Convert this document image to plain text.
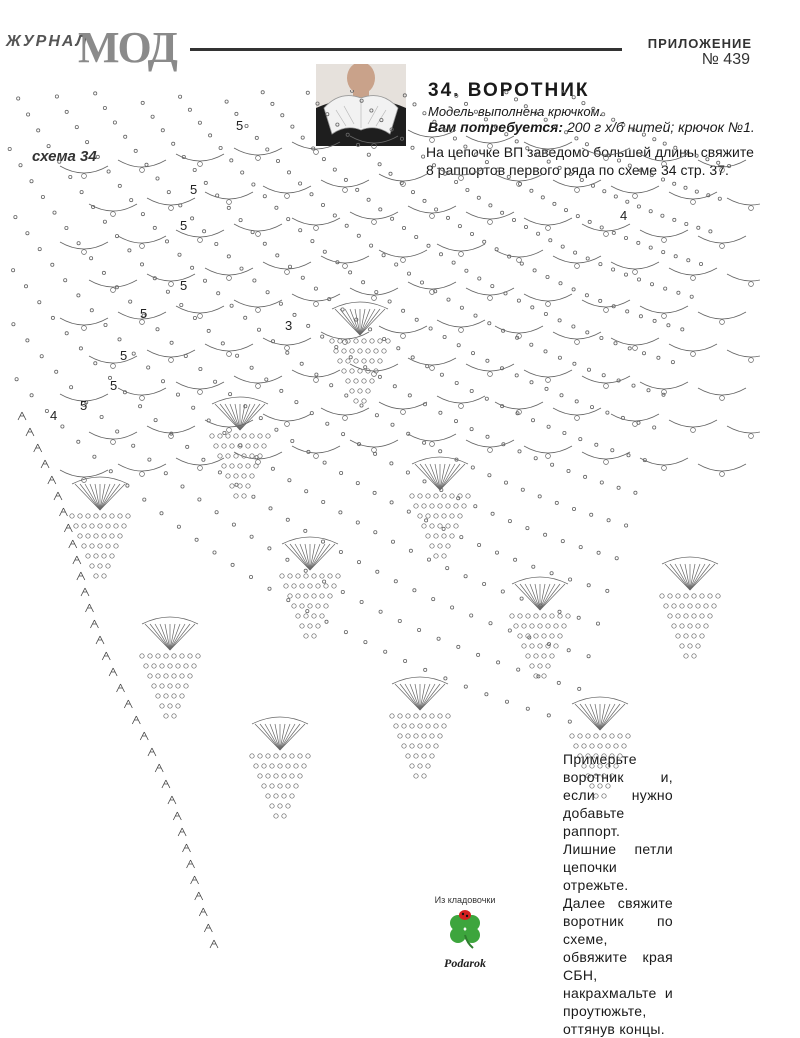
ЖУРНАЛ
МОД	ПРИЛОЖЕНИЕ
№ 439
34. ВОРОТНИК
Модель выполнена крючком.
Вам потребуется: 200 г х/б нитей; крючок №1.
На цепочке ВП заведомо большей длины свяжите 8 раппортов первого ряда по схеме 34 стр. 37.
схема 34
5
5
5
5
5
5
5
5
4
4
3
Примерьте воротник и, если нужно добавьте раппорт. Лишние петли цепочки отрежьте. Далее свяжите воротник по схеме, обвяжите края СБН, накрахмальте и проутюжьте, оттянув концы.
Из кладовочки
Podarok
